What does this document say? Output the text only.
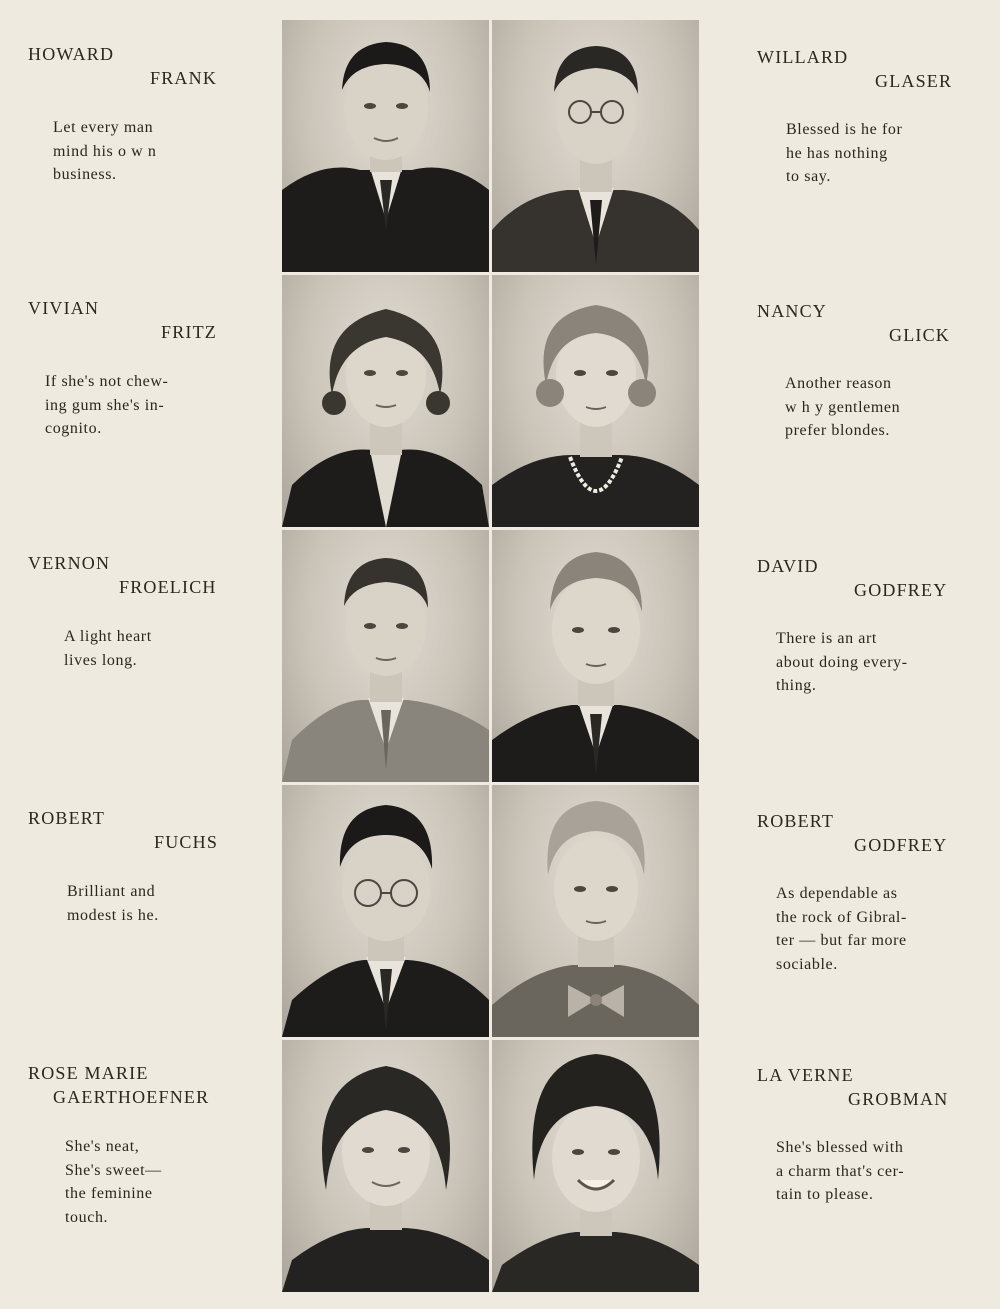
HOWARD
FRANK
Let every man
mind his o w n
business.
VIVIAN
FRITZ
If she's not chew-
ing gum she's in-
cognito.
VERNON
FROELICH
A light heart
lives long.
ROBERT
FUCHS
Brilliant and
modest is he.
ROSE MARIE
GAERTHOEFNER
She's neat,
She's sweet—
the feminine
touch.
WILLARD
GLASER
Blessed is he for
he has nothing
to say.
NANCY
GLICK
Another reason
w h y gentlemen
prefer blondes.
DAVID
GODFREY
There is an art
about doing every-
thing.
ROBERT
GODFREY
As dependable as
the rock of Gibral-
ter — but far more
sociable.
LA VERNE
GROBMAN
She's blessed with
a charm that's cer-
tain to please.
